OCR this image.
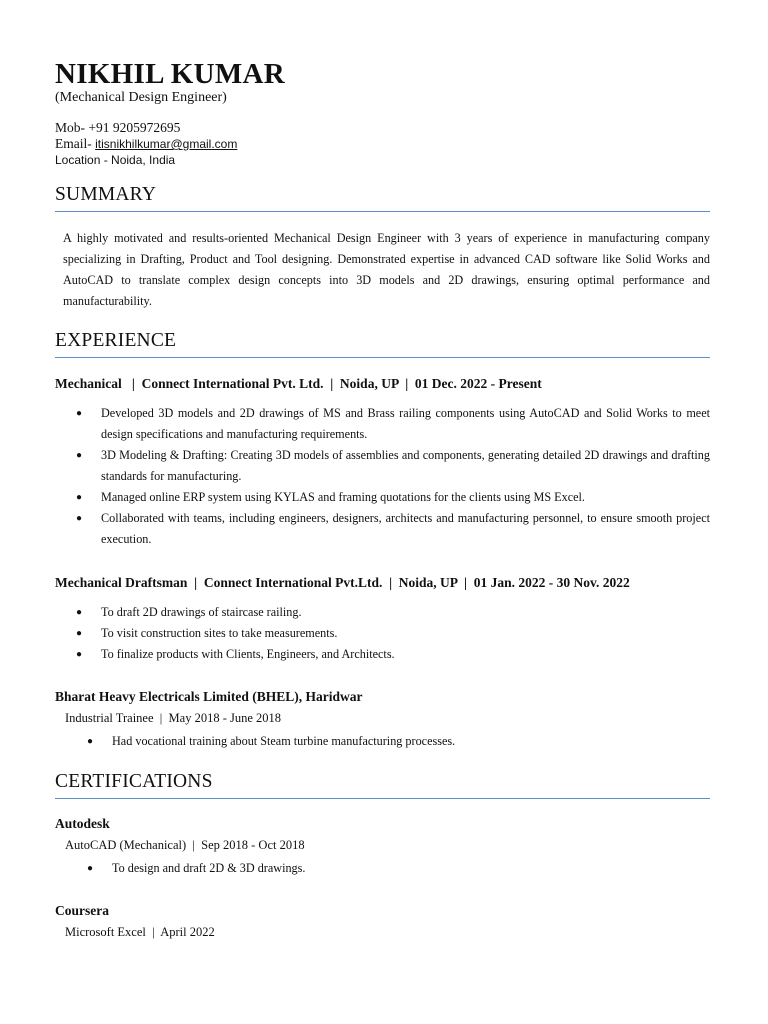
NIKHIL KUMAR
(Mechanical Design Engineer)
Mob- +91 9205972695
Email- itisnikhilkumar@gmail.com
Location - Noida, India
SUMMARY
A highly motivated and results-oriented Mechanical Design Engineer with 3 years of experience in manufacturing company specializing in Drafting, Product and Tool designing. Demonstrated expertise in advanced CAD software like Solid Works and AutoCAD to translate complex design concepts into 3D models and 2D drawings, ensuring optimal performance and manufacturability.
EXPERIENCE
Mechanical   |  Connect International Pvt. Ltd.  |  Noida, UP  |  01 Dec. 2022 - Present
● Developed 3D models and 2D drawings of MS and Brass railing components using AutoCAD and Solid Works to meet design specifications and manufacturing requirements.
● 3D Modeling & Drafting: Creating 3D models of assemblies and components, generating detailed 2D drawings and drafting standards for manufacturing.
● Managed online ERP system using KYLAS and framing quotations for the clients using MS Excel.
● Collaborated with teams, including engineers, designers, architects and manufacturing personnel, to ensure smooth project execution.
Mechanical Draftsman  |  Connect International Pvt.Ltd.  |  Noida, UP  |  01 Jan. 2022 - 30 Nov. 2022
● To draft 2D drawings of staircase railing.
● To visit construction sites to take measurements.
● To finalize products with Clients, Engineers, and Architects.
Bharat Heavy Electricals Limited (BHEL), Haridwar
Industrial Trainee  |  May 2018 - June 2018
● Had vocational training about Steam turbine manufacturing processes.
CERTIFICATIONS
Autodesk
AutoCAD (Mechanical)  |  Sep 2018 - Oct 2018
● To design and draft 2D & 3D drawings.
Coursera
Microsoft Excel  |  April 2022
